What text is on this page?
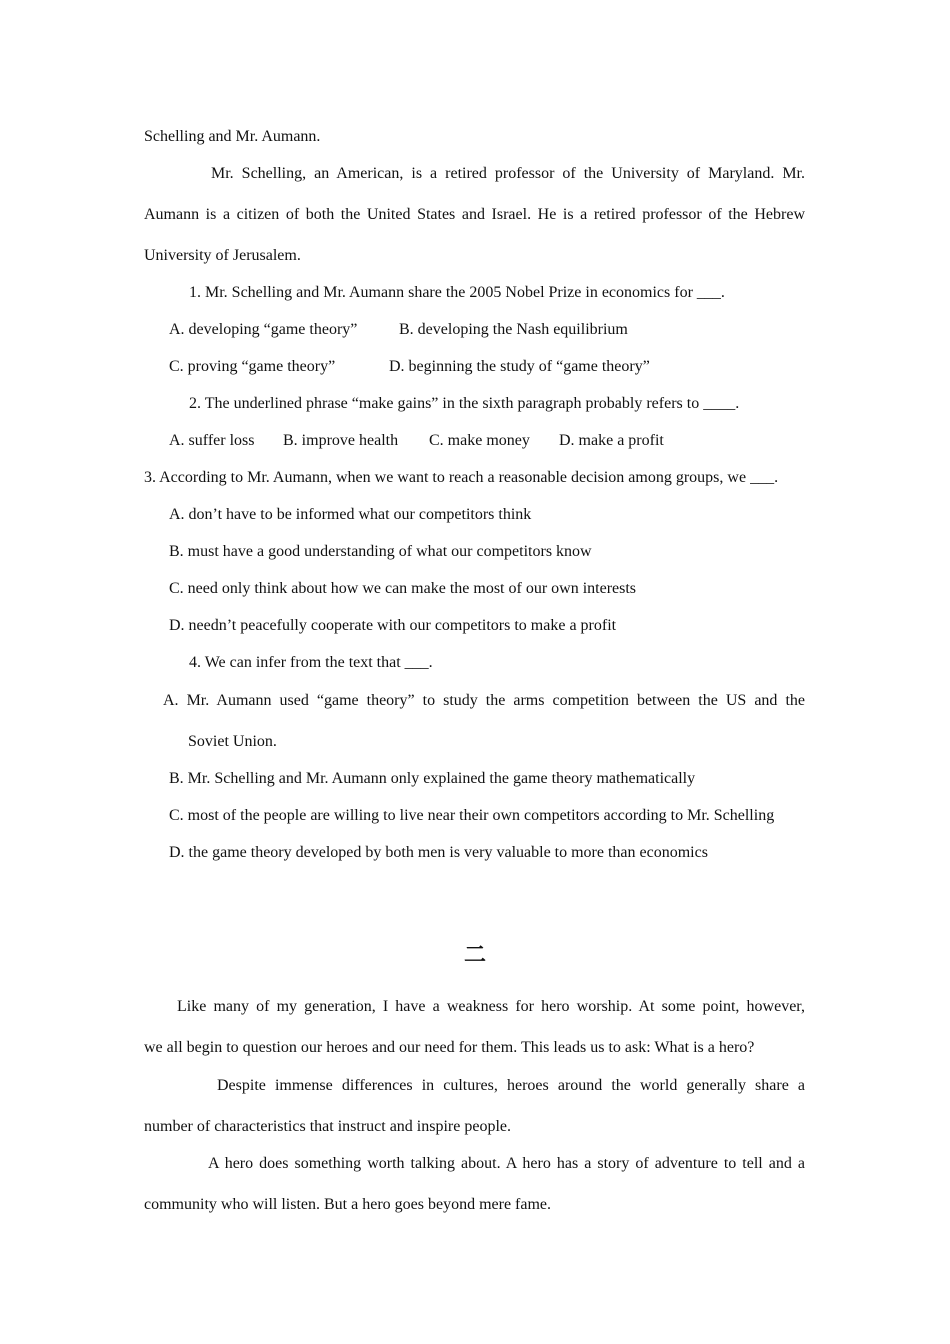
Schelling and Mr. Aumann.
Mr. Schelling, an American, is a retired professor of the University of Maryland. Mr.
Aumann is a citizen of both the United States and Israel. He is a retired professor of the Hebrew
University of Jerusalem.
1. Mr. Schelling and Mr. Aumann share the 2005 Nobel Prize in economics for ___.
A. developing “game theory”	B. developing the Nash equilibrium
C. proving “game theory”	D. beginning the study of “game theory”
2. The underlined phrase “make gains” in the sixth paragraph probably refers to ____.
A. suffer loss B. improve health C. make money D. make a profit
3. According to Mr. Aumann, when we want to reach a reasonable decision among groups, we ___.
A. don’t have to be informed what our competitors think
B. must have a good understanding of what our competitors know
C. need only think about how we can make the most of our own interests
D. needn’t peacefully cooperate with our competitors to make a profit
4. We can infer from the text that ___.
A. Mr. Aumann used “game theory” to study the arms competition between the US and the
Soviet Union.
B. Mr. Schelling and Mr. Aumann only explained the game theory mathematically
C. most of the people are willing to live near their own competitors according to Mr. Schelling
D. the game theory developed by both men is very valuable to more than economics
二
Like many of my generation, I have a weakness for hero worship. At some point, however,
we all begin to question our heroes and our need for them. This leads us to ask: What is a hero?
Despite immense differences in cultures, heroes around the world generally share a
number of characteristics that instruct and inspire people.
A hero does something worth talking about. A hero has a story of adventure to tell and a
community who will listen. But a hero goes beyond mere fame.
